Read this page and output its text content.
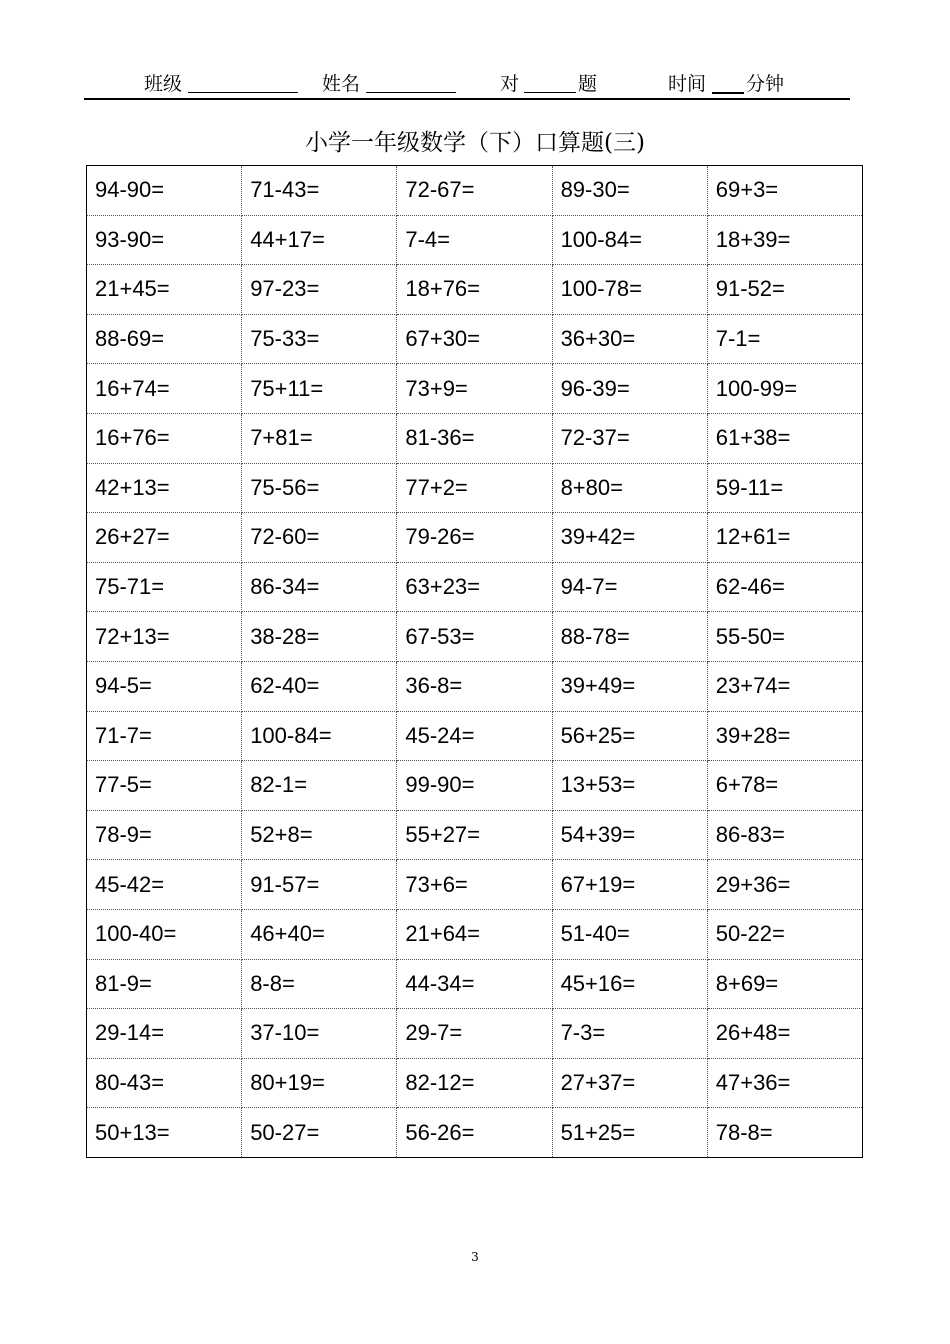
班级	姓名	对	题	时间 分钟
小学一年级数学（下）口算题(三)
94-90=	71-43=	72-67=	89-30=	69+3=
93-90=	44+17=	7-4=	100-84=	18+39=
21+45=	97-23=	18+76=	100-78=	91-52=
88-69=	75-33=	67+30=	36+30=	7-1=
16+74=	75+11=	73+9=	96-39=	100-99=
16+76=	7+81=	81-36=	72-37=	61+38=
42+13=	75-56=	77+2=	8+80=	59-11=
26+27=	72-60=	79-26=	39+42=	12+61=
75-71=	86-34=	63+23=	94-7=	62-46=
72+13=	38-28=	67-53=	88-78=	55-50=
94-5=	62-40=	36-8=	39+49=	23+74=
71-7=	100-84=	45-24=	56+25=	39+28=
77-5=	82-1=	99-90=	13+53=	6+78=
78-9=	52+8=	55+27=	54+39=	86-83=
45-42=	91-57=	73+6=	67+19=	29+36=
100-40=	46+40=	21+64=	51-40=	50-22=
81-9=	8-8=	44-34=	45+16=	8+69=
29-14=	37-10=	29-7=	7-3=	26+48=
80-43=	80+19=	82-12=	27+37=	47+36=
50+13=	50-27=	56-26=	51+25=	78-8=
3
